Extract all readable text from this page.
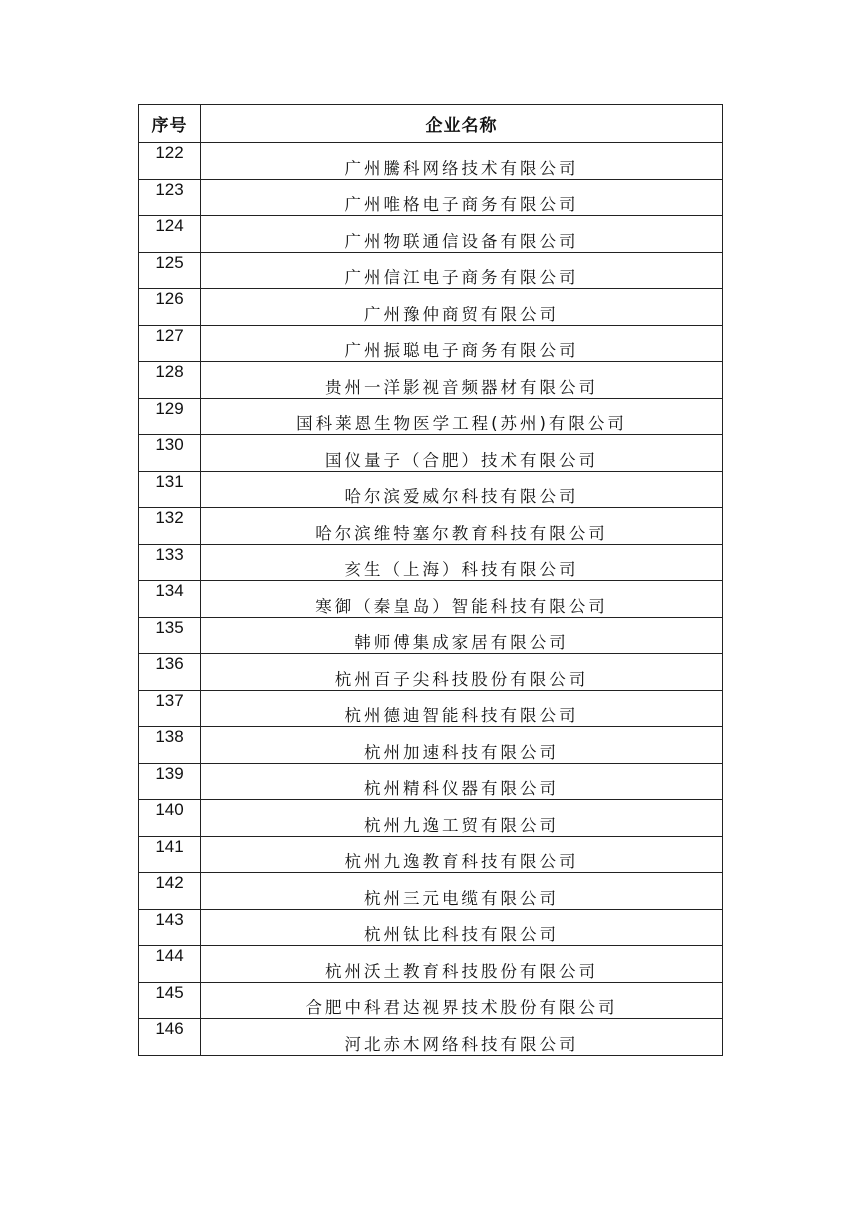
序号	企业名称
122	广州騰科网络技术有限公司
123	广州唯格电子商务有限公司
124	广州物联通信设备有限公司
125	广州信江电子商务有限公司
126	广州豫仲商贸有限公司
127	广州振聪电子商务有限公司
128	贵州一洋影视音频器材有限公司
129	国科莱恩生物医学工程(苏州)有限公司
130	国仪量子（合肥）技术有限公司
131	哈尔滨爱威尔科技有限公司
132	哈尔滨维特塞尔教育科技有限公司
133	亥生（上海）科技有限公司
134	寒御（秦皇岛）智能科技有限公司
135	韩师傅集成家居有限公司
136	杭州百子尖科技股份有限公司
137	杭州德迪智能科技有限公司
138	杭州加速科技有限公司
139	杭州精科仪器有限公司
140	杭州九逸工贸有限公司
141	杭州九逸教育科技有限公司
142	杭州三元电缆有限公司
143	杭州钛比科技有限公司
144	杭州沃土教育科技股份有限公司
145	合肥中科君达视界技术股份有限公司
146	河北赤木网络科技有限公司
